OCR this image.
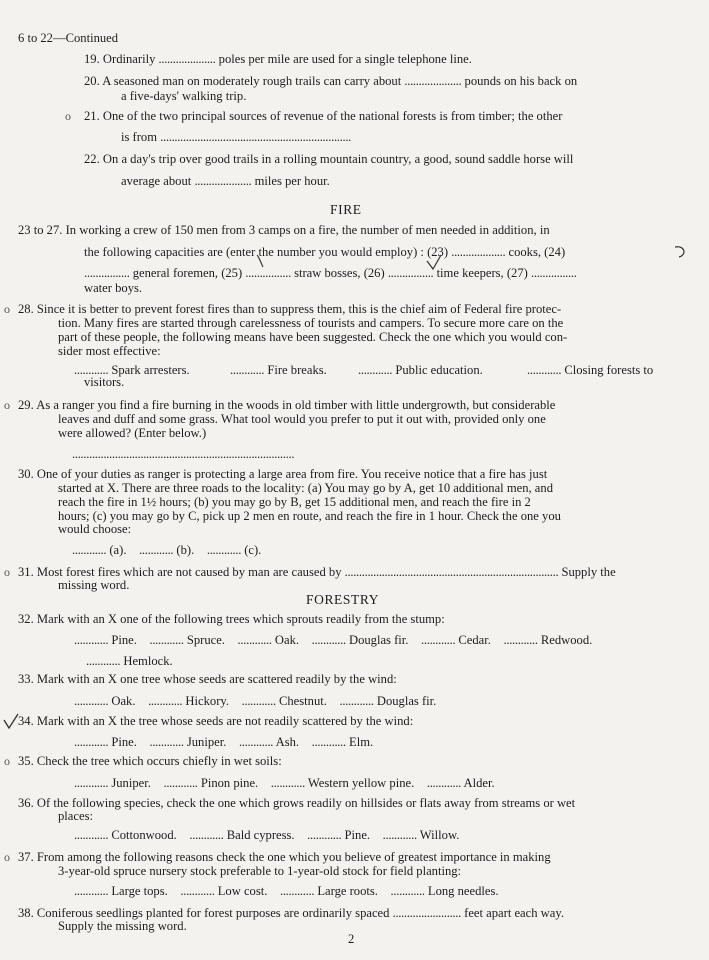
6 to 22—Continued
19. Ordinarily .................... poles per mile are used for a single telephone line.
20. A seasoned man on moderately rough trails can carry about .................... pounds on his back on
a five-days' walking trip.
o 21. One of the two principal sources of revenue of the national forests is from timber; the other
is from ...................................................................
22. On a day's trip over good trails in a rolling mountain country, a good, sound saddle horse will
average about .................... miles per hour.
FIRE
23 to 27. In working a crew of 150 men from 3 camps on a fire, the number of men needed in addition, in
the following capacities are (enter the number you would employ) : (23) ................... cooks, (24)
................ general foremen, (25) ................ straw bosses, (26) ................ time keepers, (27) ................
water boys.
o 28. Since it is better to prevent forest fires than to suppress them, this is the chief aim of Federal fire protec-
tion. Many fires are started through carelessness of tourists and campers. To secure more care on the
part of these people, the following means have been suggested. Check the one which you would con-
sider most effective:
............ Spark arresters.	............ Fire breaks. ............ Public education.	............ Closing forests to
visitors.
o 29. As a ranger you find a fire burning in the woods in old timber with little undergrowth, but considerable
leaves and duff and some grass. What tool would you prefer to put it out with, provided only one
were allowed? (Enter below.)
..............................................................................
30. One of your duties as ranger is protecting a large area from fire. You receive notice that a fire has just
started at X. There are three roads to the locality: (a) You may go by A, get 10 additional men, and
reach the fire in 1½ hours; (b) you may go by B, get 15 additional men, and reach the fire in 2
hours; (c) you may go by C, pick up 2 men en route, and reach the fire in 1 hour. Check the one you
would choose:
............ (a). ............ (b). ............ (c).
o 31. Most forest fires which are not caused by man are caused by ........................................................................... Supply the
missing word.
FORESTRY
32. Mark with an X one of the following trees which sprouts readily from the stump:
............ Pine. ............ Spruce. ............ Oak. ............ Douglas fir. ............ Cedar. ............ Redwood.
............ Hemlock.
33. Mark with an X one tree whose seeds are scattered readily by the wind:
............ Oak. ............ Hickory. ............ Chestnut. ............ Douglas fir.
34. Mark with an X the tree whose seeds are not readily scattered by the wind:
............ Pine. ............ Juniper. ............ Ash. ............ Elm.
o 35. Check the tree which occurs chiefly in wet soils:
............ Juniper. ............ Pinon pine. ............ Western yellow pine. ............ Alder.
36. Of the following species, check the one which grows readily on hillsides or flats away from streams or wet
places:
............ Cottonwood. ............ Bald cypress. ............ Pine. ............ Willow.
o 37. From among the following reasons check the one which you believe of greatest importance in making
3-year-old spruce nursery stock preferable to 1-year-old stock for field planting:
............ Large tops. ............ Low cost. ............ Large roots. ............ Long needles.
38. Coniferous seedlings planted for forest purposes are ordinarily spaced ........................ feet apart each way.
Supply the missing word.
2
